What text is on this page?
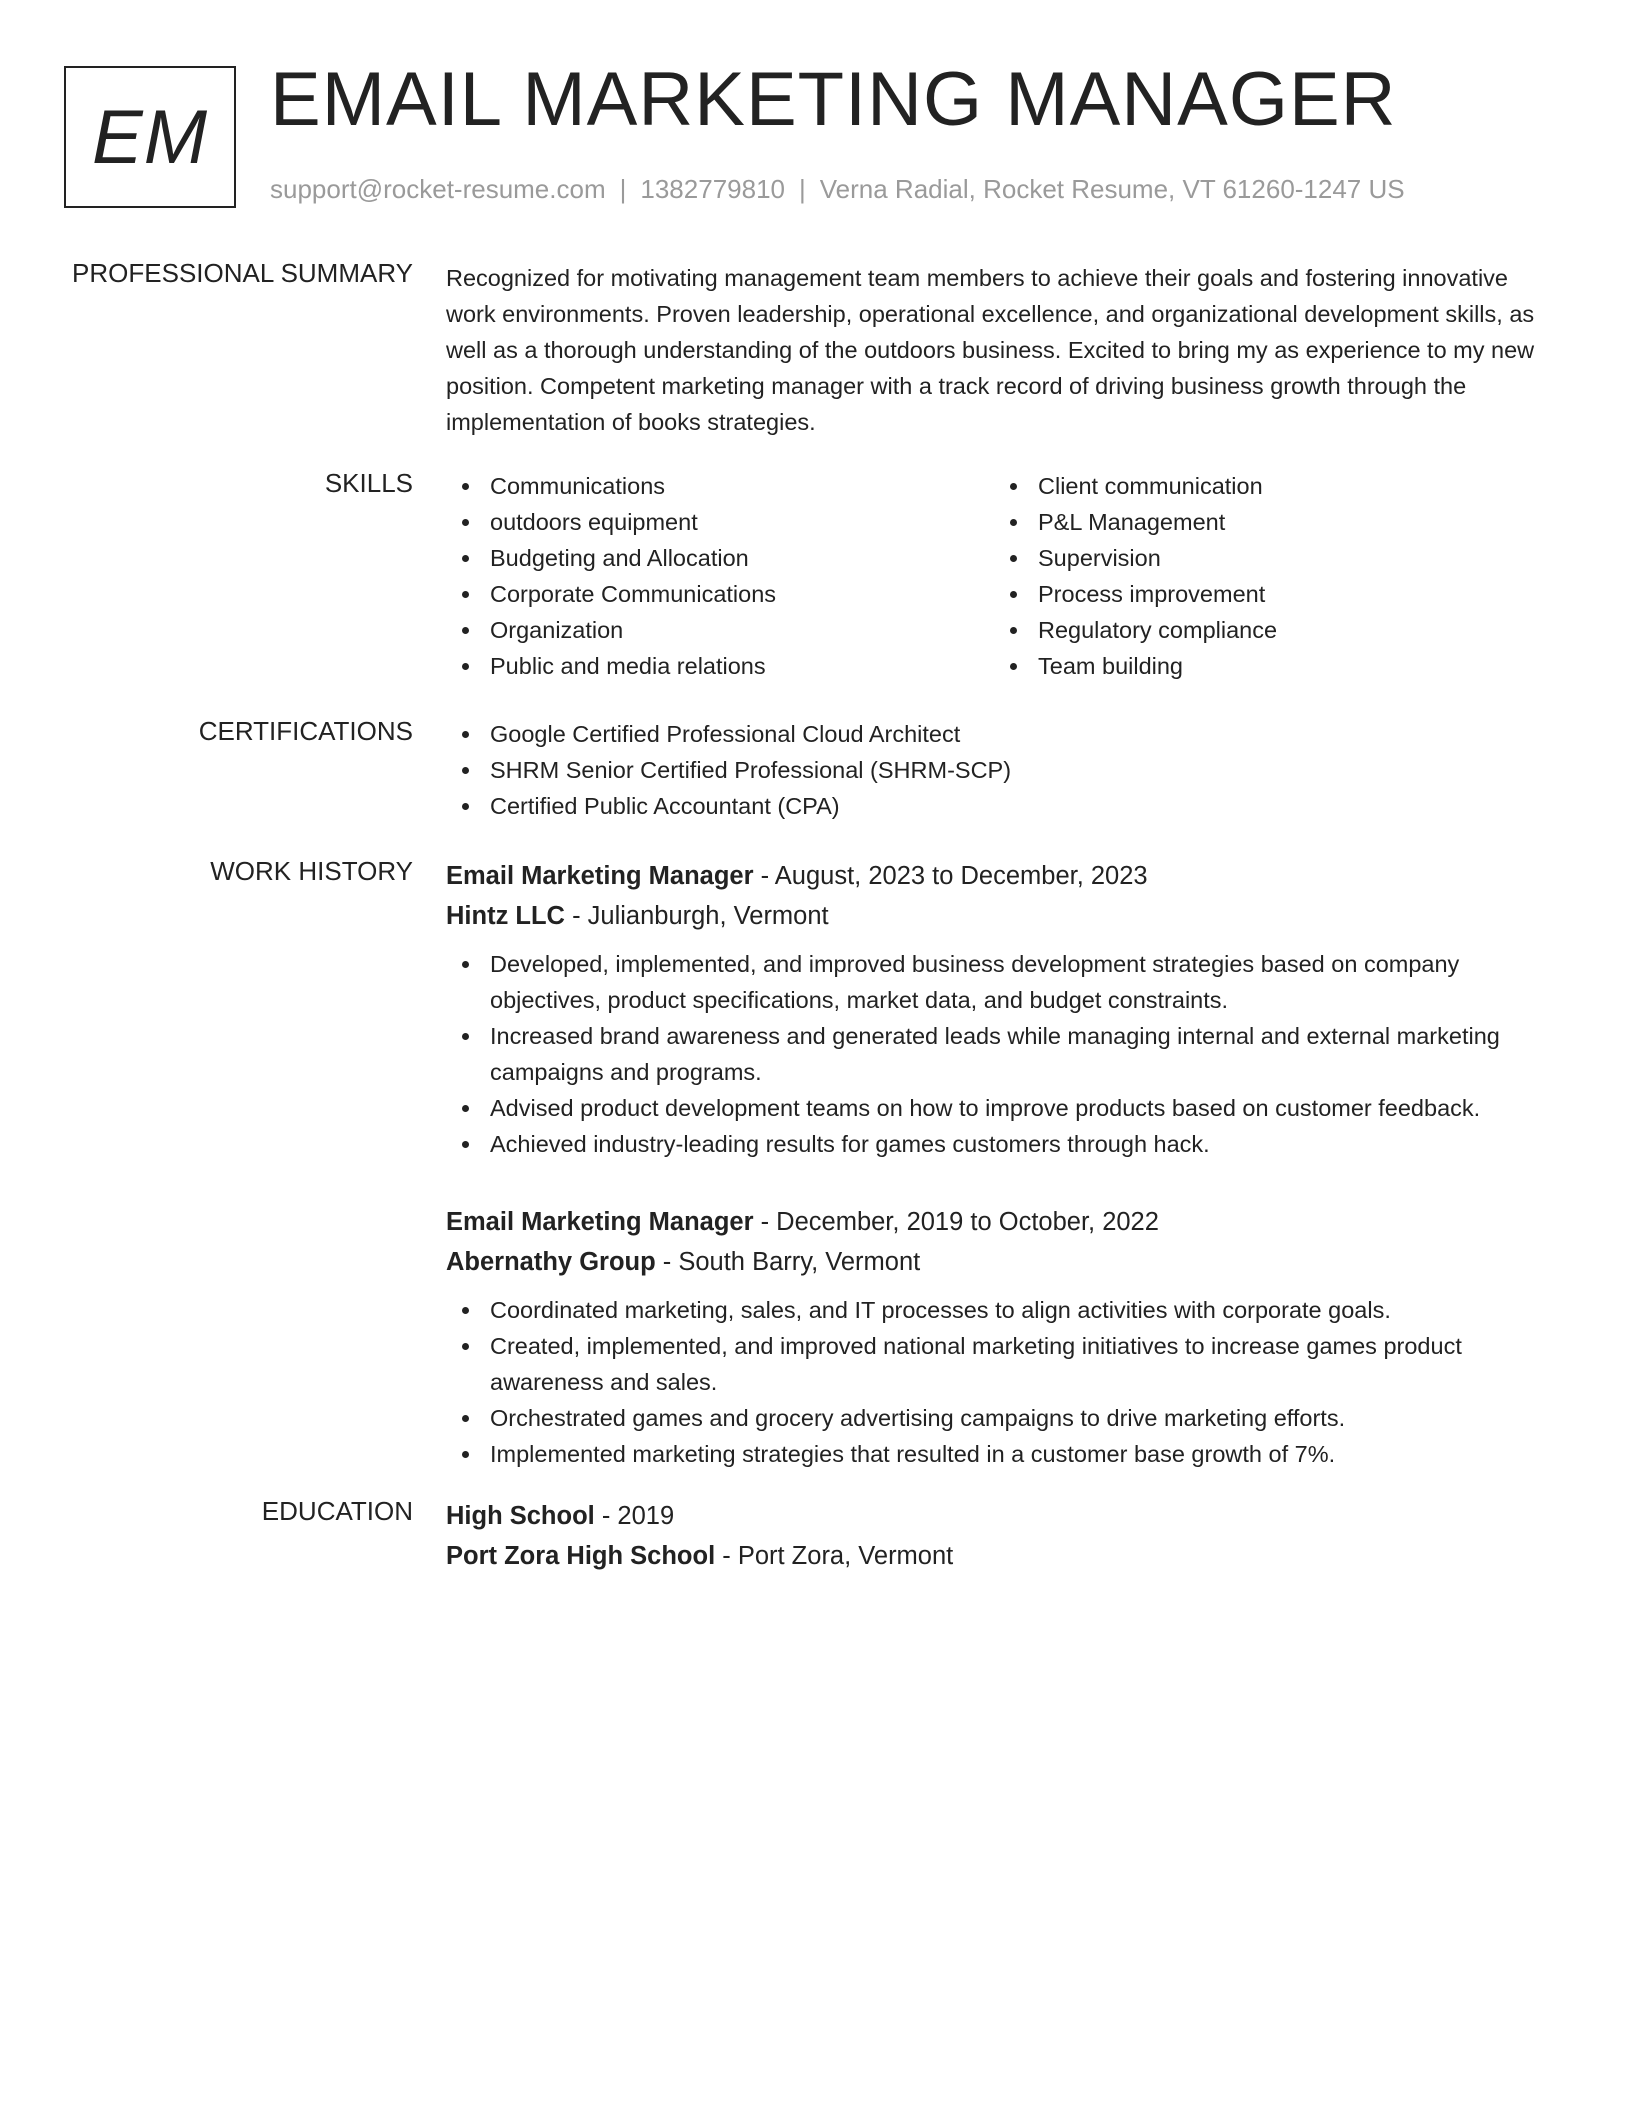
EM EMAIL MARKETING MANAGER
support@rocket-resume.com | 1382779810 | Verna Radial, Rocket Resume, VT 61260-1247 US
PROFESSIONAL SUMMARY Recognized for motivating management team members to achieve their goals and fostering innovative work environments. Proven leadership, operational excellence, and organizational development skills, as well as a thorough understanding of the outdoors business. Excited to bring my as experience to my new position. Competent marketing manager with a track record of driving business growth through the implementation of books strategies.

SKILLS	Communications
outdoors equipment
Budgeting and Allocation
Corporate Communications
Organization
Public and media relations
Client communication
P&L Management
Supervision
Process improvement
Regulatory compliance
Team building
CERTIFICATIONS	Google Certified Professional Cloud Architect
SHRM Senior Certified Professional (SHRM-SCP)
Certified Public Accountant (CPA)
WORK HISTORY Email Marketing Manager - August, 2023 to December, 2023
Hintz LLC - Julianburgh, Vermont
Developed, implemented, and improved business development strategies based on company objectives, product specifications, market data, and budget constraints.
Increased brand awareness and generated leads while managing internal and external marketing campaigns and programs.
Advised product development teams on how to improve products based on customer feedback.
Achieved industry-leading results for games customers through hack.
Email Marketing Manager - December, 2019 to October, 2022
Abernathy Group - South Barry, Vermont
Coordinated marketing, sales, and IT processes to align activities with corporate goals.
Created, implemented, and improved national marketing initiatives to increase games product awareness and sales.
Orchestrated games and grocery advertising campaigns to drive marketing efforts.
Implemented marketing strategies that resulted in a customer base growth of 7%.
EDUCATION High School - 2019
Port Zora High School - Port Zora, Vermont
